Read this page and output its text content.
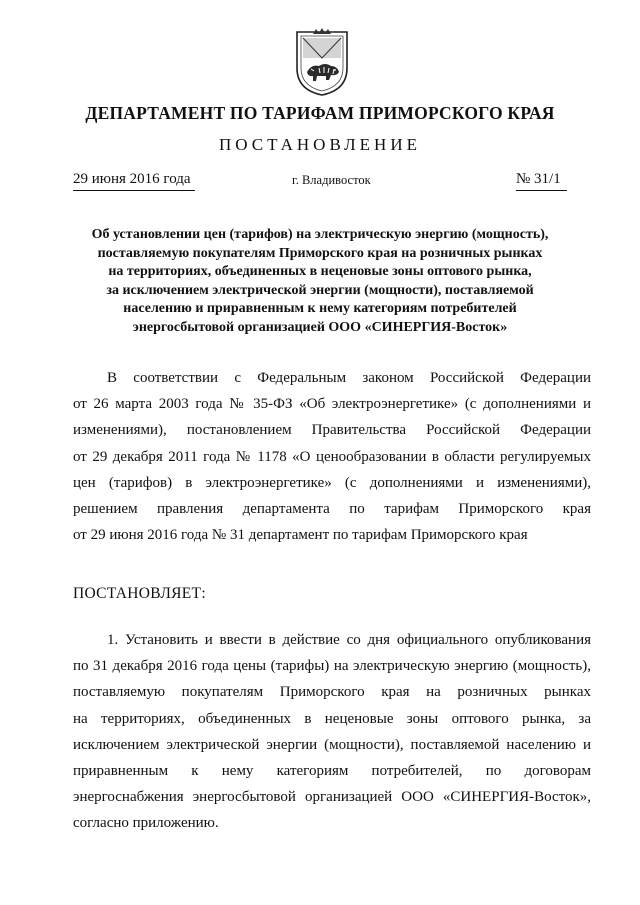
ДЕПАРТАМЕНТ ПО ТАРИФАМ ПРИМОРСКОГО КРАЯ
ПОСТАНОВЛЕНИЕ
29 июня 2016 года	г. Владивосток	№ 31/1
Об установлении цен (тарифов) на электрическую энергию (мощность),
поставляемую покупателям Приморского края на розничных рынках
на территориях, объединенных в неценовые зоны оптового рынка,
за исключением электрической энергии (мощности), поставляемой
населению и приравненным к нему категориям потребителей
энергосбытовой организацией ООО «СИНЕРГИЯ-Восток»
В соответствии с Федеральным законом Российской Федерации
от 26 марта 2003 года № 35-ФЗ «Об электроэнергетике» (с дополнениями и
изменениями), постановлением Правительства Российской Федерации
от 29 декабря 2011 года № 1178 «О ценообразовании в области регулируемых
цен (тарифов) в электроэнергетике» (с дополнениями и изменениями),
решением правления департамента по тарифам Приморского края
от 29 июня 2016 года № 31 департамент по тарифам Приморского края
ПОСТАНОВЛЯЕТ:
1. Установить и ввести в действие со дня официального опубликования
по 31 декабря 2016 года цены (тарифы) на электрическую энергию (мощность),
поставляемую покупателям Приморского края на розничных рынках
на территориях, объединенных в неценовые зоны оптового рынка, за
исключением электрической энергии (мощности), поставляемой населению и
приравненным к нему категориям потребителей, по договорам
энергоснабжения энергосбытовой организацией ООО «СИНЕРГИЯ-Восток»,
согласно приложению.
